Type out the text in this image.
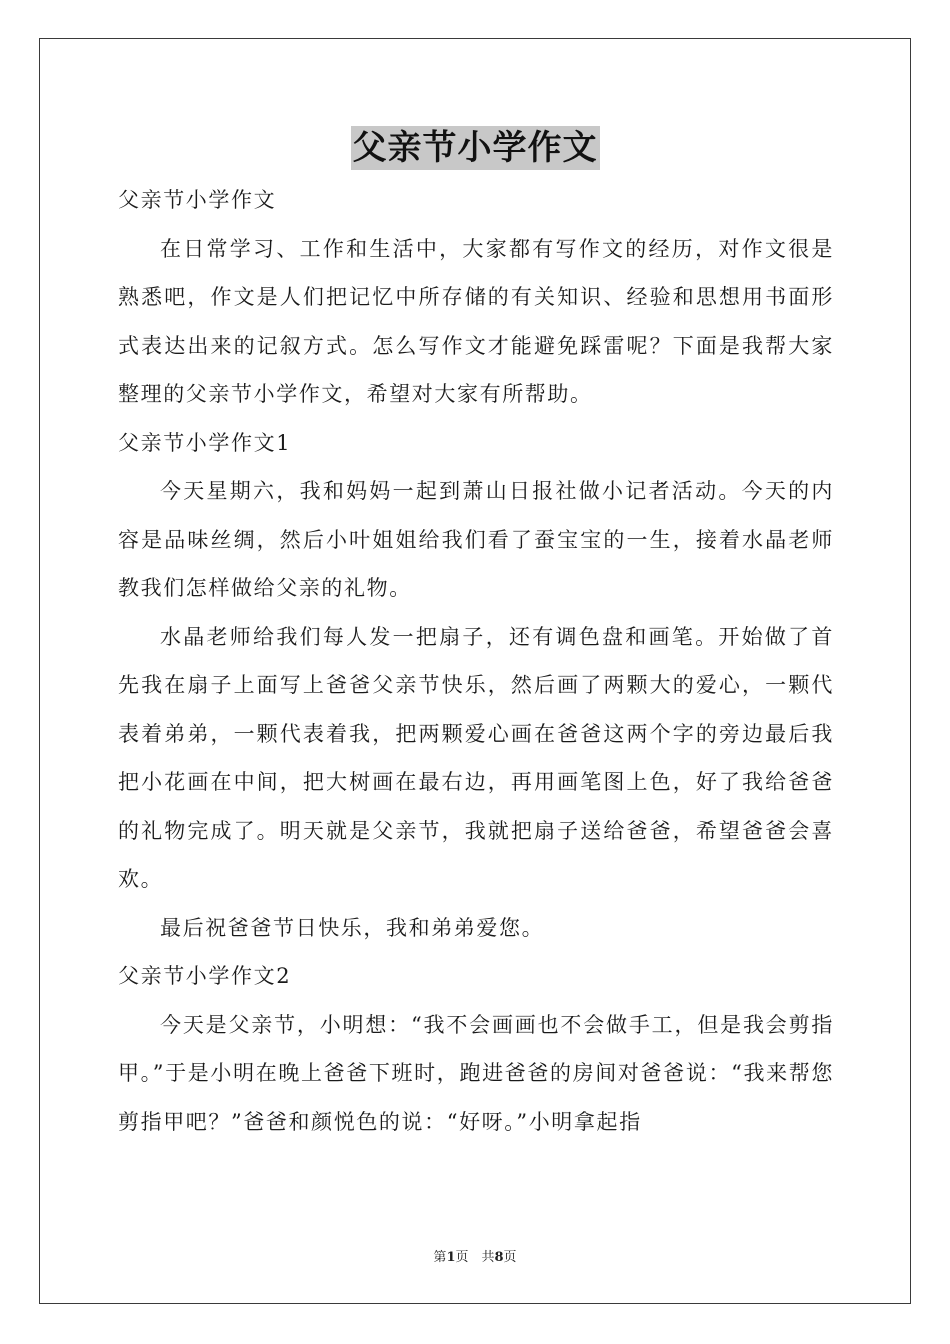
父亲节小学作文

父亲节小学作文

在日常学习、工作和生活中，大家都有写作文的经历，对作文很是熟悉吧，作文是人们把记忆中所存储的有关知识、经验和思想用书面形式表达出来的记叙方式。怎么写作文才能避免踩雷呢？下面是我帮大家整理的父亲节小学作文，希望对大家有所帮助。

父亲节小学作文1

今天星期六，我和妈妈一起到萧山日报社做小记者活动。今天的内容是品味丝绸，然后小叶姐姐给我们看了蚕宝宝的一生，接着水晶老师教我们怎样做给父亲的礼物。

水晶老师给我们每人发一把扇子，还有调色盘和画笔。开始做了首先我在扇子上面写上爸爸父亲节快乐，然后画了两颗大的爱心，一颗代表着弟弟，一颗代表着我，把两颗爱心画在爸爸这两个字的旁边最后我把小花画在中间，把大树画在最右边，再用画笔图上色，好了我给爸爸的礼物完成了。明天就是父亲节，我就把扇子送给爸爸，希望爸爸会喜欢。

最后祝爸爸节日快乐，我和弟弟爱您。

父亲节小学作文2

今天是父亲节，小明想：“我不会画画也不会做手工，但是我会剪指甲。”于是小明在晚上爸爸下班时，跑进爸爸的房间对爸爸说：“我来帮您剪指甲吧？”爸爸和颜悦色的说：“好呀。”小明拿起指

第1页　共8页
